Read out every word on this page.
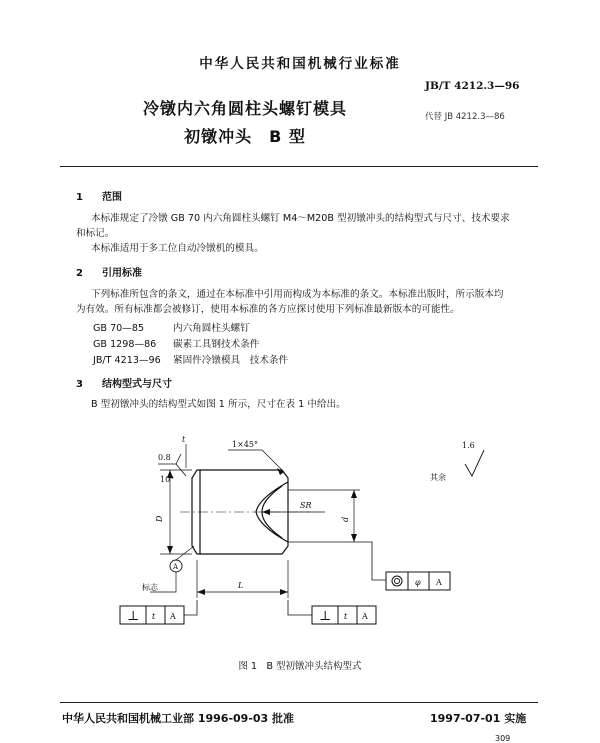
中华人民共和国机械行业标准
JB/T 4212.3—96
冷镦内六角圆柱头螺钉模具
初镦冲头　B 型
代替 JB 4212.3—86
1 范围
本标准规定了冷镦 GB 70 内六角圆柱头螺钉 M4～M20B 型初镦冲头的结构型式与尺寸、技术要求
和标记。
本标准适用于多工位自动冷镦机的模具。
2 引用标准
下列标准所包含的条文，通过在本标准中引用而构成为本标准的条文。本标准出版时，所示版本均
为有效。所有标准都会被修订，使用本标准的各方应探讨使用下列标准最新版本的可能性。
GB 70—85	内六角圆柱头螺钉
GB 1298—86 碳素工具钢技术条件
JB/T 4213—96 紧固件冷镦模具　技术条件
3 结构型式与尺寸
B 型初镦冲头的结构型式如图 1 所示，尺寸在表 1 中给出。
t
0.8
10°
1×45°
SR
D	d
L
A
标志
其余
1.6
◎	φ A
⊥ t A	⊥ t A
图 1　B 型初镦冲头结构型式
中华人民共和国机械工业部 1996-09-03 批准	1997-07-01 实施
309
